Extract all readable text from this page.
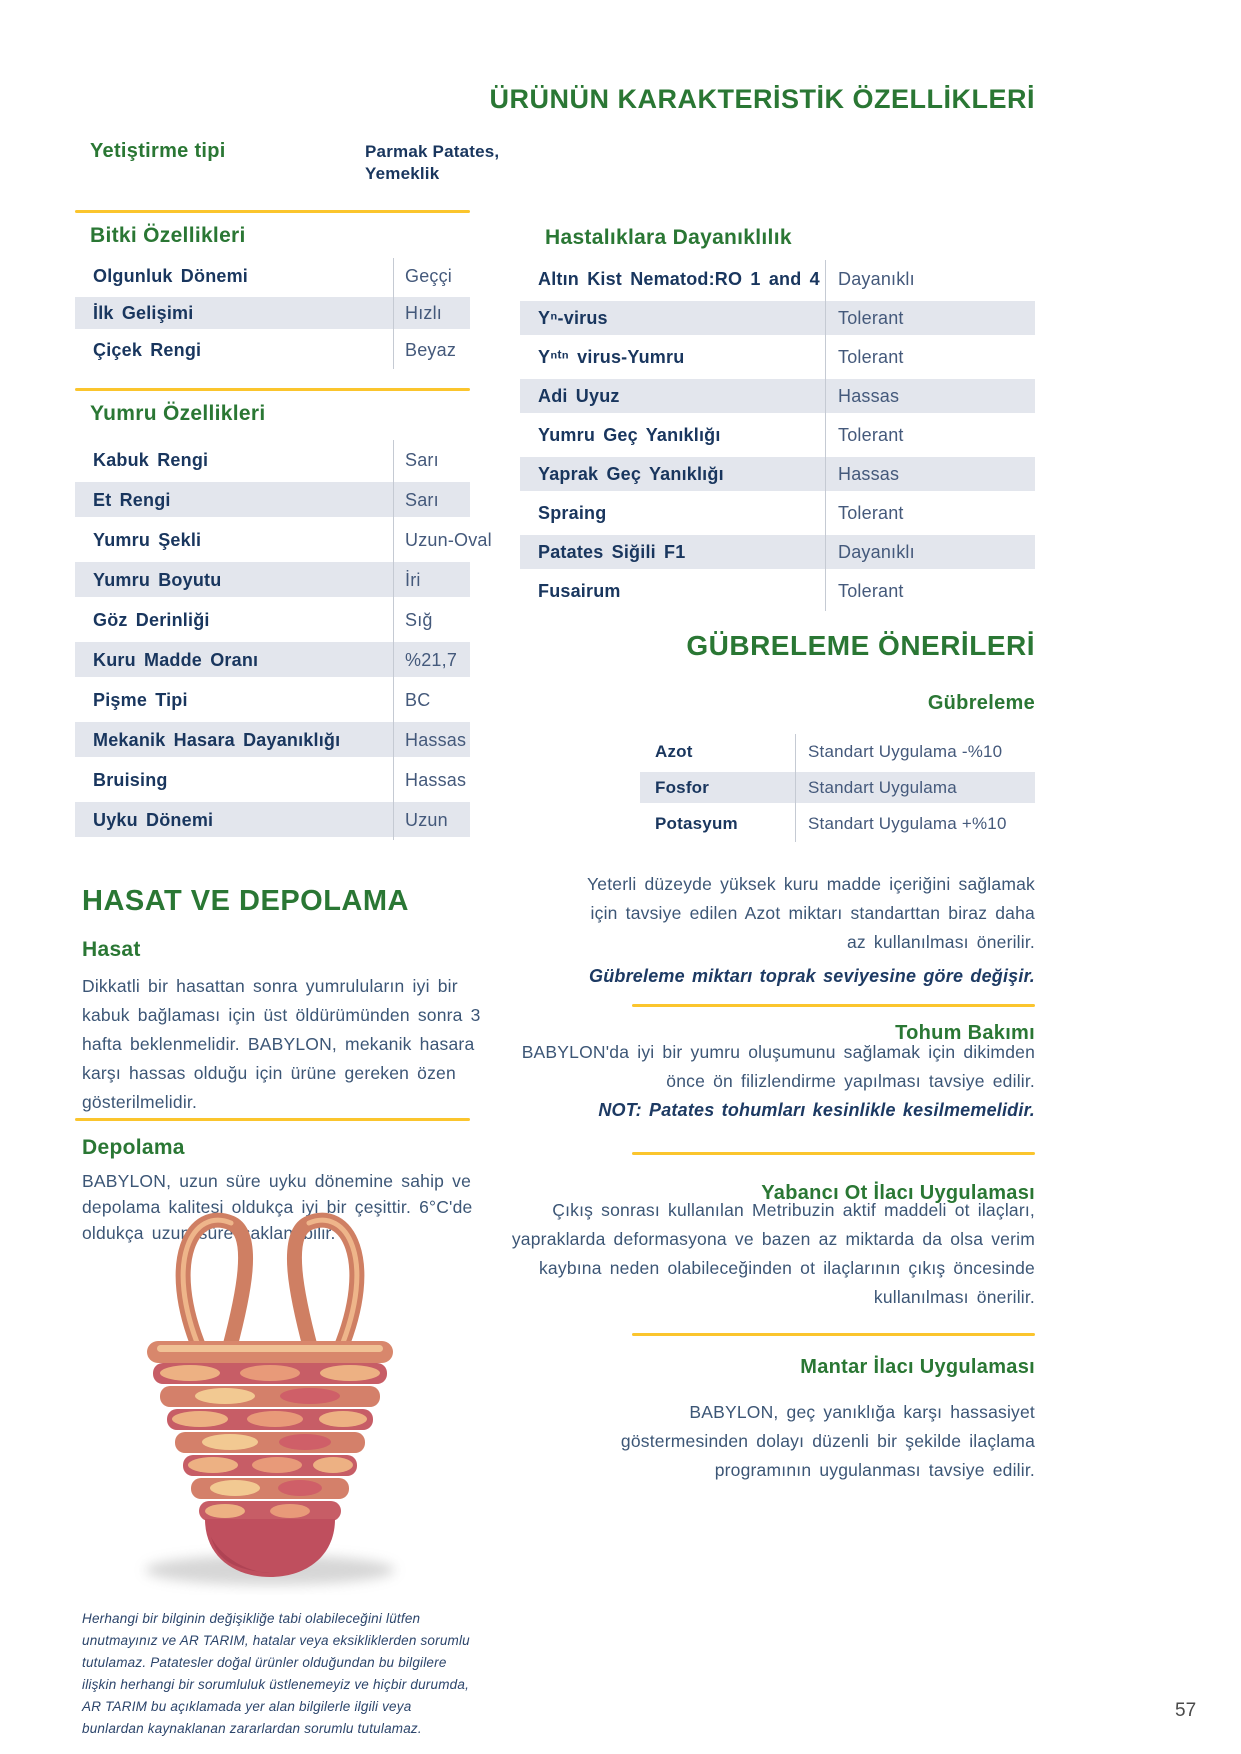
ÜRÜNÜN KARAKTERİSTİK ÖZELLİKLERİ
Yetiştirme tipi	Parmak Patates,
Yemeklik
Bitki Özellikleri
Olgunluk Dönemi	Geççi
İlk Gelişimi	Hızlı
Çiçek Rengi	Beyaz
Yumru Özellikleri
Kabuk Rengi	Sarı
Et Rengi	Sarı
Yumru Şekli	Uzun-Oval
Yumru Boyutu	İri
Göz Derinliği	Sığ
Kuru Madde Oranı	%21,7
Pişme Tipi	BC
Mekanik Hasara Dayanıklığı	Hassas
Bruising	Hassas
Uyku Dönemi	Uzun
Hastalıklara Dayanıklılık
Altın Kist Nematod:RO 1 and 4	Dayanıklı
Yⁿ-virus	Tolerant
Yⁿᵗⁿ virus-Yumru	Tolerant
Adi Uyuz	Hassas
Yumru Geç Yanıklığı	Tolerant
Yaprak Geç Yanıklığı	Hassas
Spraing	Tolerant
Patates Siğili F1	Dayanıklı
Fusairum	Tolerant
GÜBRELEME ÖNERİLERİ
Gübreleme
Azot	Standart Uygulama -%10
Fosfor	Standart Uygulama
Potasyum	Standart Uygulama +%10
Yeterli düzeyde yüksek kuru madde içeriğini sağlamak için tavsiye edilen Azot miktarı standarttan biraz daha az kullanılması önerilir.
Gübreleme miktarı toprak seviyesine göre değişir.
Tohum Bakımı
BABYLON'da iyi bir yumru oluşumunu sağlamak için dikimden önce ön filizlendirme yapılması tavsiye edilir.
NOT: Patates tohumları kesinlikle kesilmemelidir.
Yabancı Ot İlacı Uygulaması
Çıkış sonrası kullanılan Metribuzin aktif maddeli ot ilaçları, yapraklarda deformasyona ve bazen az miktarda da olsa verim kaybına neden olabileceğinden ot ilaçlarının çıkış öncesinde kullanılması önerilir.
Mantar İlacı Uygulaması
BABYLON, geç yanıklığa karşı hassasiyet göstermesinden dolayı düzenli bir şekilde ilaçlama programının uygulanması tavsiye edilir.
HASAT VE DEPOLAMA
Hasat
Dikkatli bir hasattan sonra yumruluların iyi bir kabuk bağlaması için üst öldürümünden sonra 3 hafta beklenmelidir. BABYLON, mekanik hasara karşı hassas olduğu için ürüne gereken özen gösterilmelidir.
Depolama
BABYLON, uzun süre uyku dönemine sahip ve depolama kalitesi oldukça iyi bir çeşittir. 6°C'de oldukça uzun süre saklanabilir.
Herhangi bir bilginin değişikliğe tabi olabileceğini lütfen unutmayınız ve AR TARIM, hatalar veya eksikliklerden sorumlu tutulamaz. Patatesler doğal ürünler olduğundan bu bilgilere ilişkin herhangi bir sorumluluk üstlenemeyiz ve hiçbir durumda, AR TARIM bu açıklamada yer alan bilgilerle ilgili veya bunlardan kaynaklanan zararlardan sorumlu tutulamaz.
57
